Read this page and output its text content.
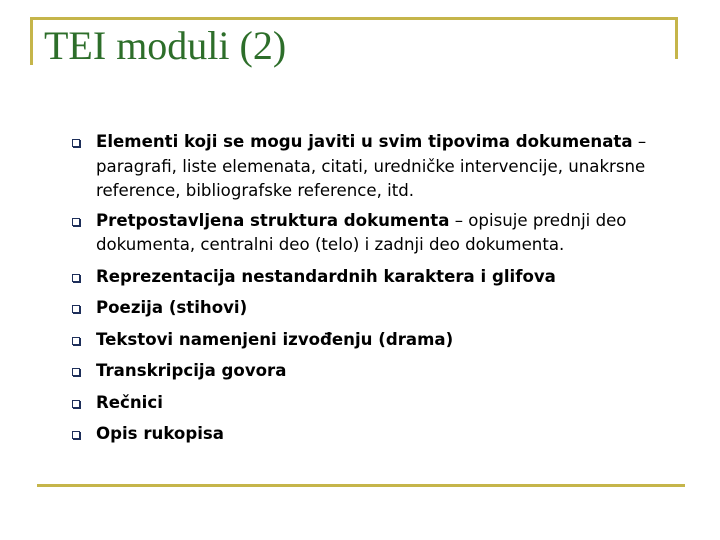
TEI moduli (2)
Elementi koji se mogu javiti u svim tipovima dokumenata – paragrafi, liste elemenata, citati, uredničke intervencije, unakrsne reference, bibliografske reference, itd.
Pretpostavljena struktura dokumenta – opisuje prednji deo dokumenta, centralni deo (telo) i zadnji deo dokumenta.
Reprezentacija nestandardnih karaktera i glifova
Poezija (stihovi)
Tekstovi namenjeni izvođenju (drama)
Transkripcija govora
Rečnici
Opis rukopisa
